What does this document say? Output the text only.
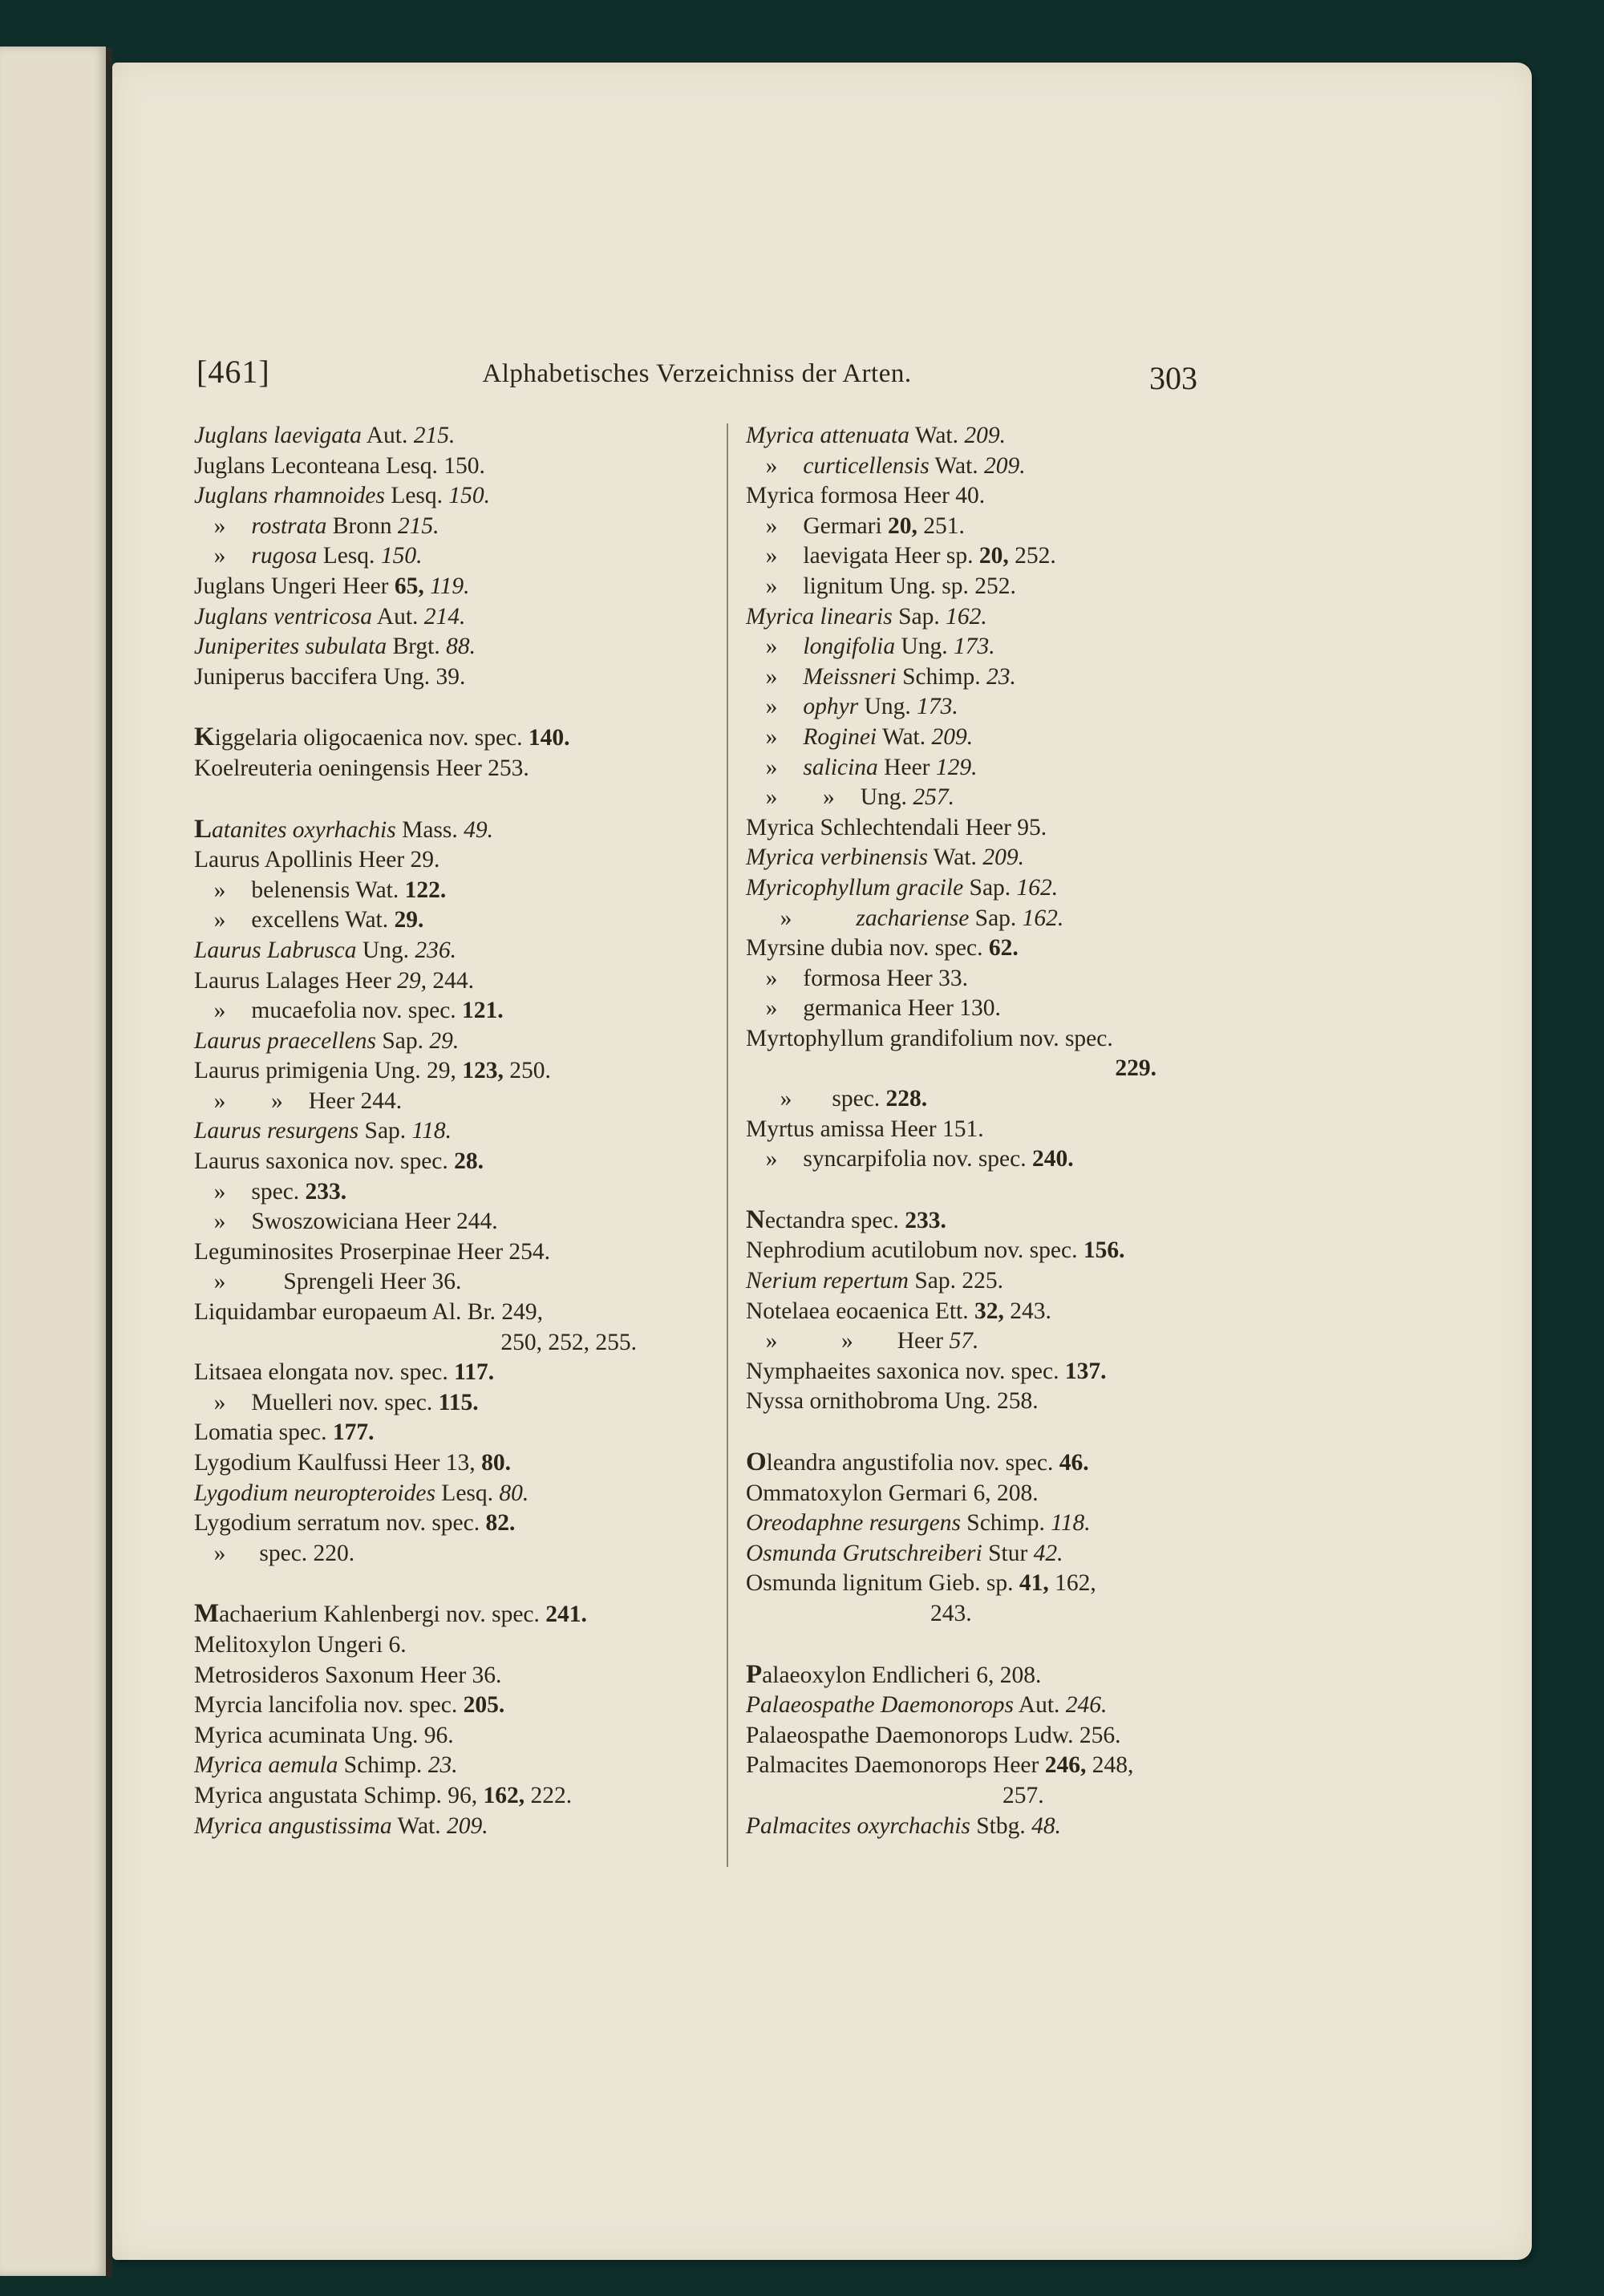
[461]	Alphabetisches Verzeichniss der Arten.	303
Juglans laevigata Aut. 215.
Juglans Leconteana Lesq. 150.
Juglans rhamnoides Lesq. 150.
» rostrata Bronn 215.
» rugosa Lesq. 150.
Juglans Ungeri Heer 65, 119.
Juglans ventricosa Aut. 214.
Juniperites subulata Brgt. 88.
Juniperus baccifera Ung. 39.
Kiggelaria oligocaenica nov. spec. 140.
Koelreuteria oeningensis Heer 253.
Latanites oxyrhachis Mass. 49.
Laurus Apollinis Heer 29.
» belenensis Wat. 122.
» excellens Wat. 29.
Laurus Labrusca Ung. 236.
Laurus Lalages Heer 29, 244.
» mucaefolia nov. spec. 121.
Laurus praecellens Sap. 29.
Laurus primigenia Ung. 29, 123, 250.
» » Heer 244.
Laurus resurgens Sap. 118.
Laurus saxonica nov. spec. 28.
» spec. 233.
» Swoszowiciana Heer 244.
Leguminosites Proserpinae Heer 254.
» Sprengeli Heer 36.
Liquidambar europaeum Al. Br. 249,
250, 252, 255.
Litsaea elongata nov. spec. 117.
» Muelleri nov. spec. 115.
Lomatia spec. 177.
Lygodium Kaulfussi Heer 13, 80.
Lygodium neuropteroides Lesq. 80.
Lygodium serratum nov. spec. 82.
» spec. 220.
Machaerium Kahlenbergi nov. spec. 241.
Melitoxylon Ungeri 6.
Metrosideros Saxonum Heer 36.
Myrcia lancifolia nov. spec. 205.
Myrica acuminata Ung. 96.
Myrica aemula Schimp. 23.
Myrica angustata Schimp. 96, 162, 222.
Myrica angustissima Wat. 209.
Myrica attenuata Wat. 209.
» curticellensis Wat. 209.
Myrica formosa Heer 40.
» Germari 20, 251.
» laevigata Heer sp. 20, 252.
» lignitum Ung. sp. 252.
Myrica linearis Sap. 162.
» longifolia Ung. 173.
» Meissneri Schimp. 23.
» ophyr Ung. 173.
» Roginei Wat. 209.
» salicina Heer 129.
» » Ung. 257.
Myrica Schlechtendali Heer 95.
Myrica verbinensis Wat. 209.
Myricophyllum gracile Sap. 162.
»	zachariense Sap. 162.
Myrsine dubia nov. spec. 62.
» formosa Heer 33.
» germanica Heer 130.
Myrtophyllum grandifolium nov. spec.
229.
» spec. 228.
Myrtus amissa Heer 151.
» syncarpifolia nov. spec. 240.
Nectandra spec. 233.
Nephrodium acutilobum nov. spec. 156.
Nerium repertum Sap. 225.
Notelaea eocaenica Ett. 32, 243.
»	» Heer 57.
Nymphaeites saxonica nov. spec. 137.
Nyssa ornithobroma Ung. 258.
Oleandra angustifolia nov. spec. 46.
Ommatoxylon Germari 6, 208.
Oreodaphne resurgens Schimp. 118.
Osmunda Grutschreiberi Stur 42.
Osmunda lignitum Gieb. sp. 41, 162,
243.
Palaeoxylon Endlicheri 6, 208.
Palaeospathe Daemonorops Aut. 246.
Palaeospathe Daemonorops Ludw. 256.
Palmacites Daemonorops Heer 246, 248,
257.
Palmacites oxyrchachis Stbg. 48.
